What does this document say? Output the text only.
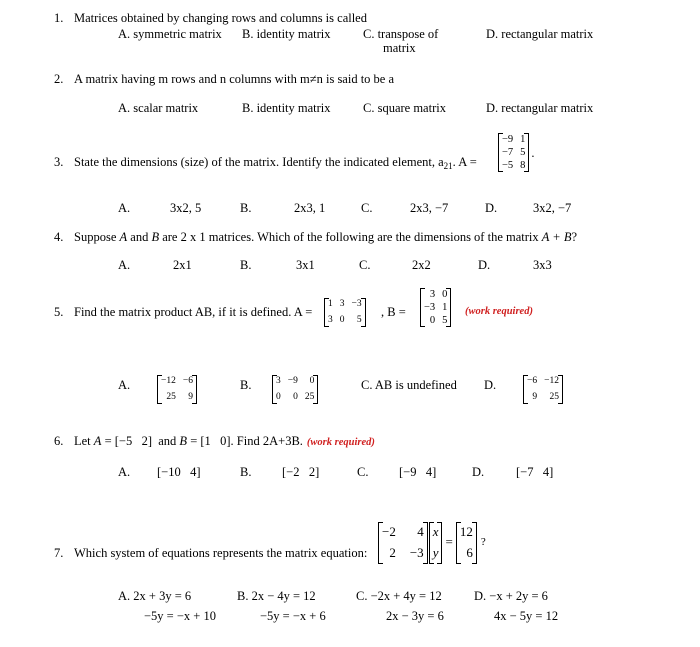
1. Matrices obtained by changing rows and columns is called
A. symmetric matrix B. identity matrix	C. transpose of
matrix
D. rectangular matrix
2. A matrix having m rows and n columns with m≠n is said to be a
A. scalar matrix	B. identity matrix	C. square matrix	D. rectangular matrix
3. State the dimensions (size) of the matrix. Identify the indicated element, $a_{21}$. A =
−9 1
−7 5
−5 8
.
A.	3x2, 5	B.	2x3, 1	C.	2x3, −7	D.	3x2, −7
4. Suppose A and B are 2 x 1 matrices. Which of the following are the dimensions of the matrix A + B?
A.	2x1	B.	3x1	C.	2x2	D.	3x3
5. Find the matrix product AB, if it is defined. A =
1 3 −3
3 0	5
, B =
3 0
−3 1
0 5
(work required)
A.	−12 −6
25	9
B.	3 −9	0
0	0 25
C. AB is undefined D.	−6 −12
9	25
6. Let A = [−5   2]  and B = [1   0]. Find 2A+3B. (work required)
A. [−10   4]	B. [−2   2]	C. [−9   4]	D.	[−7   4]
7. Which system of equations represents the matrix equation:
−2	4
2 −3
x
y
=
12
6
?
A. 2x + 3y = 6
−5y = −x + 10
B. 2x − 4y = 12
−5y = −x + 6
C. −2x + 4y = 12
2x − 3y = 6
D. −x + 2y = 6
4x − 5y = 12
